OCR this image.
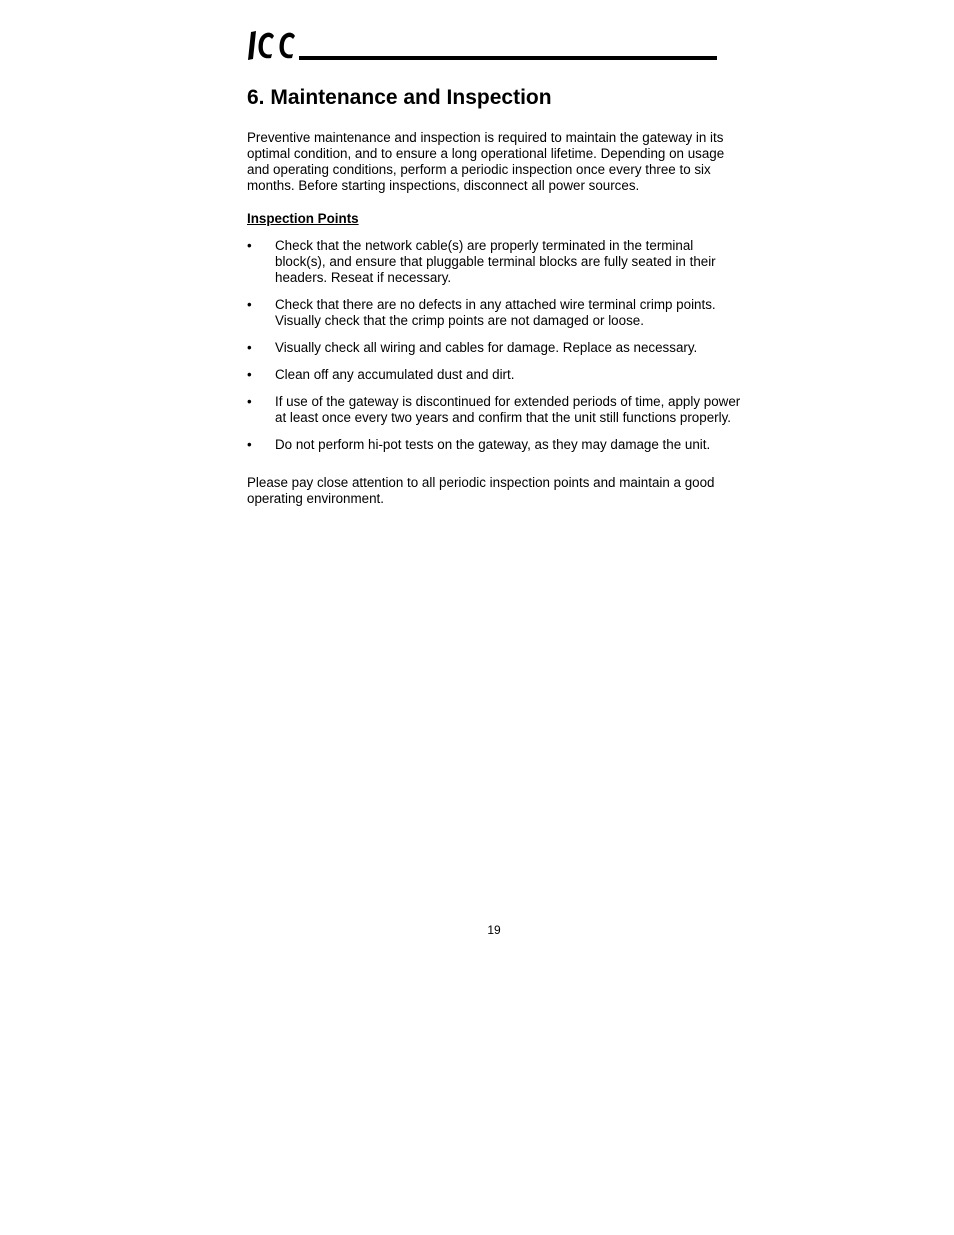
6. Maintenance and Inspection

Preventive maintenance and inspection is required to maintain the gateway in its optimal condition, and to ensure a long operational lifetime. Depending on usage and operating conditions, perform a periodic inspection once every three to six months. Before starting inspections, disconnect all power sources.

Inspection Points

•	Check that the network cable(s) are properly terminated in the terminal block(s), and ensure that pluggable terminal blocks are fully seated in their headers. Reseat if necessary.
•	Check that there are no defects in any attached wire terminal crimp points. Visually check that the crimp points are not damaged or loose.
•	Visually check all wiring and cables for damage. Replace as necessary.
•	Clean off any accumulated dust and dirt.
•	If use of the gateway is discontinued for extended periods of time, apply power at least once every two years and confirm that the unit still functions properly.
•	Do not perform hi-pot tests on the gateway, as they may damage the unit.

Please pay close attention to all periodic inspection points and maintain a good operating environment.

19
